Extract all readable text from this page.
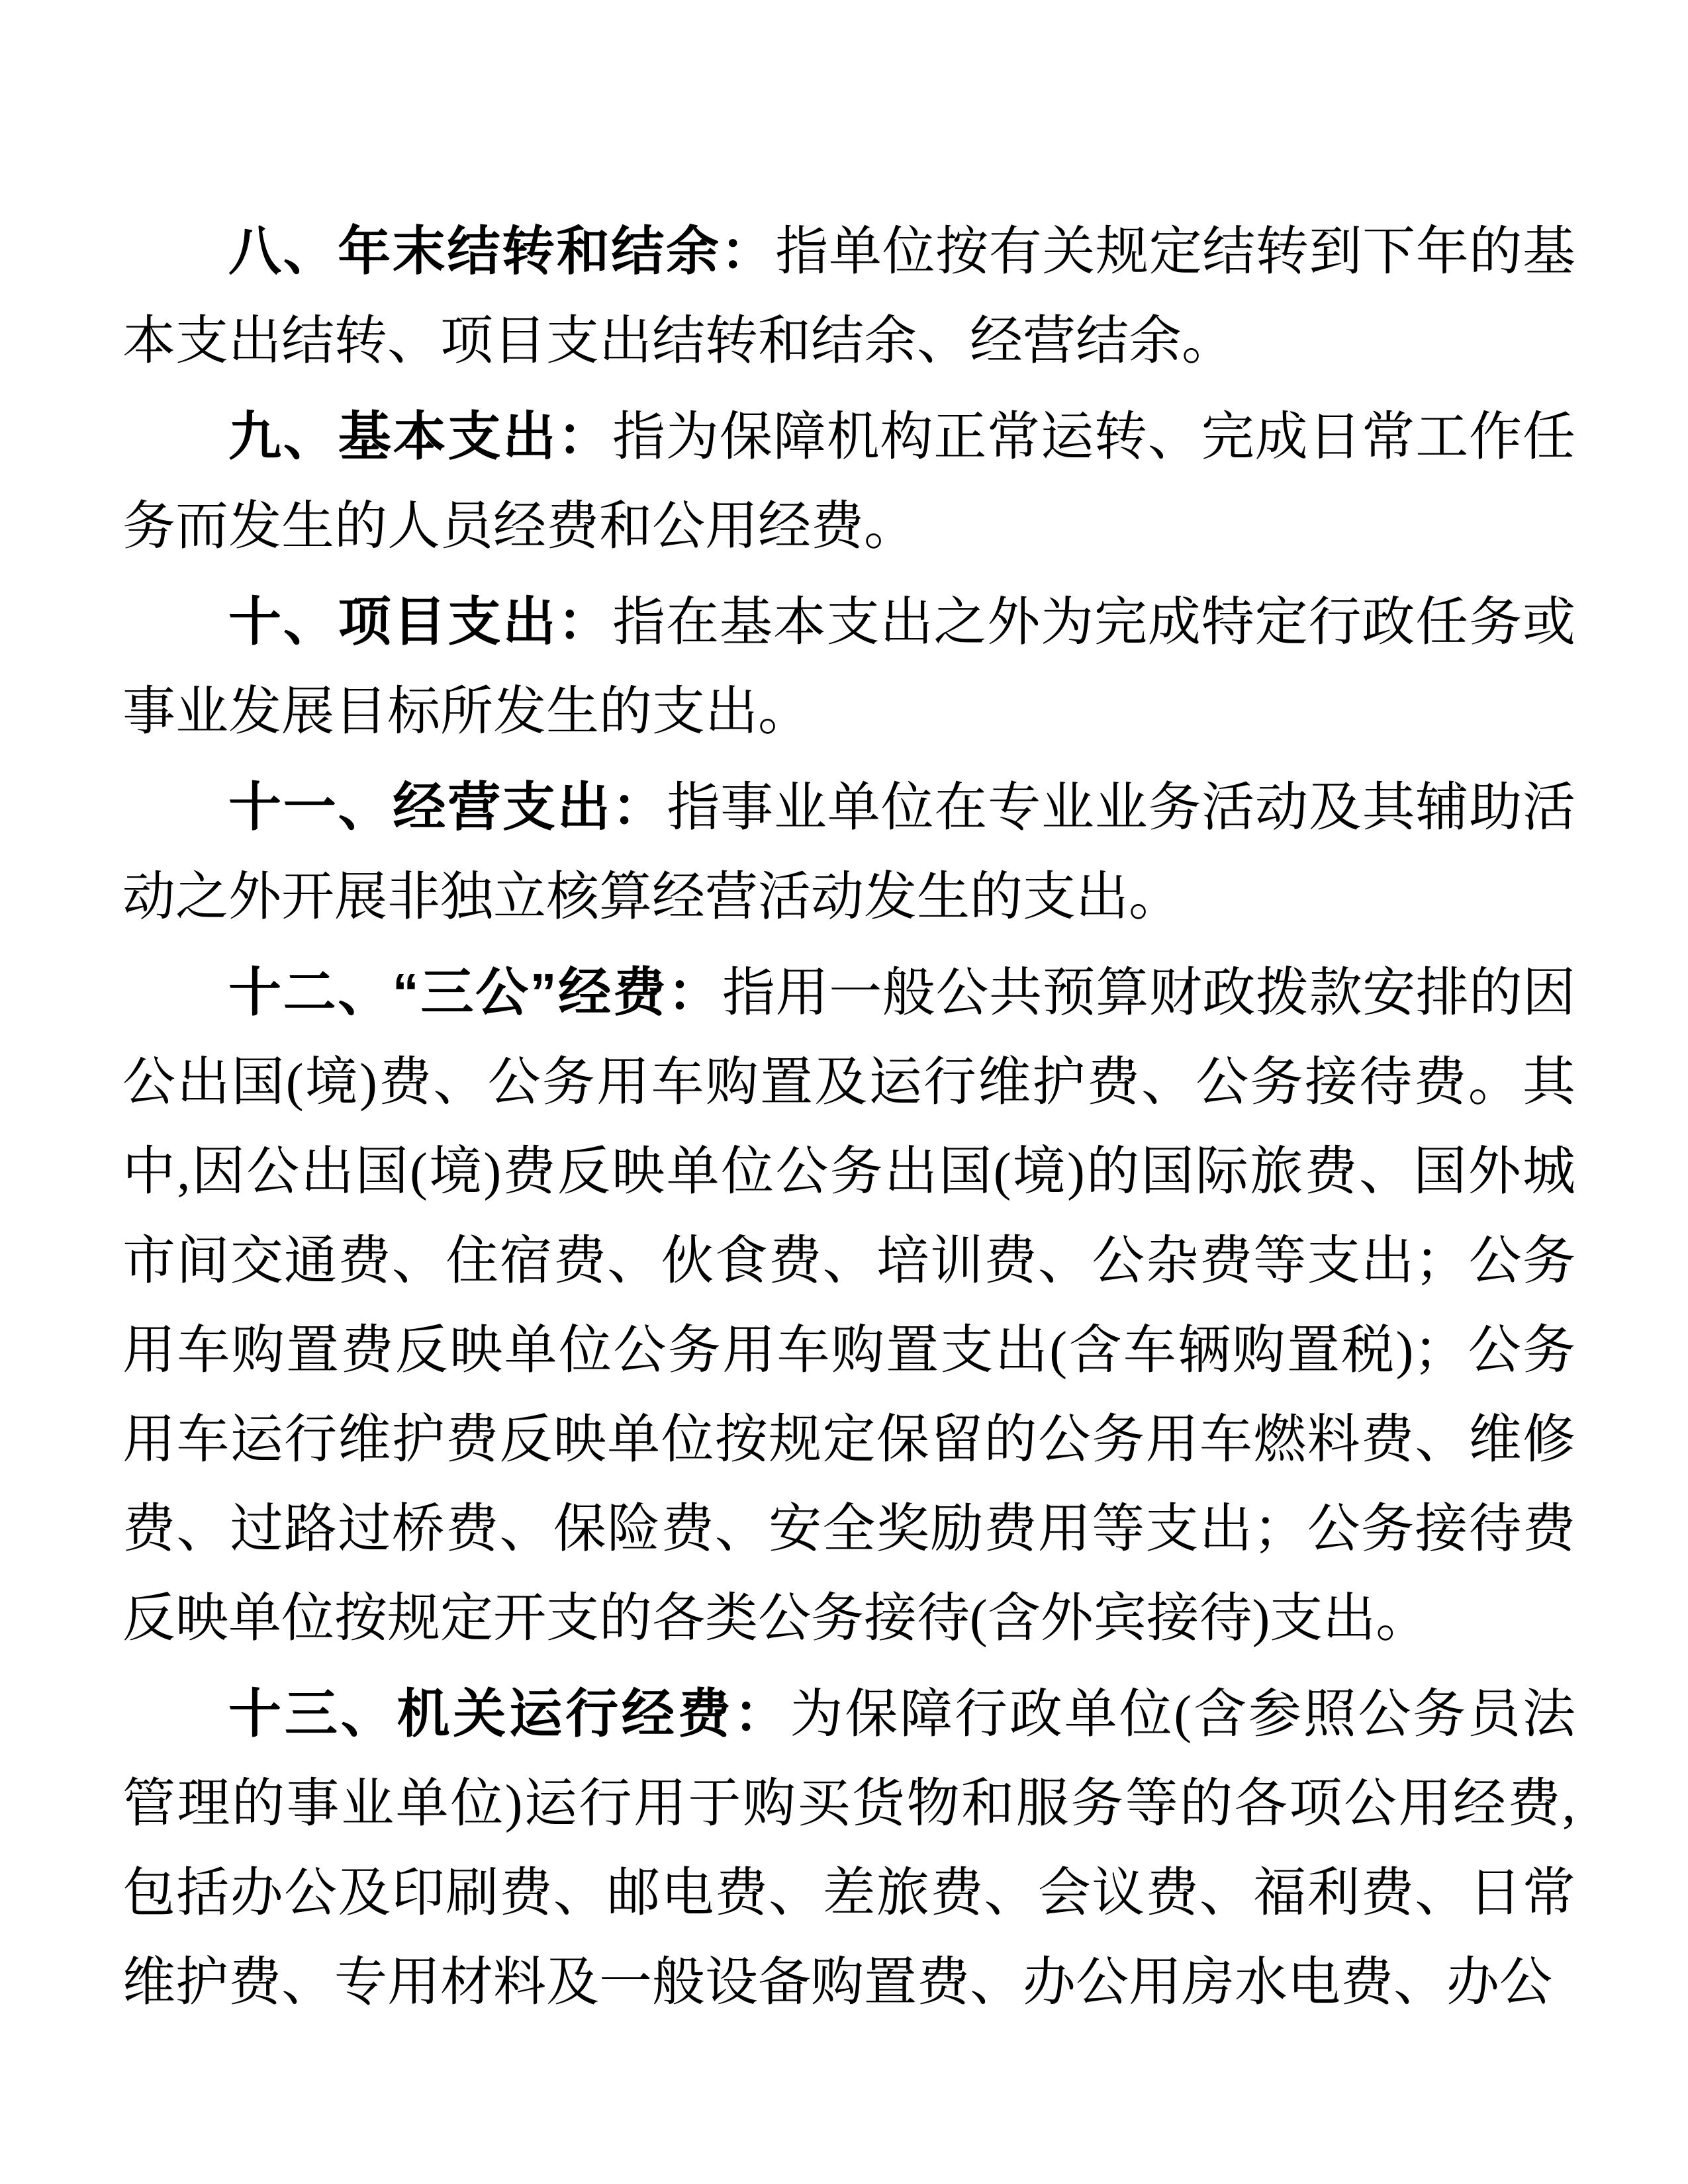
八、年末结转和结余：指单位按有关规定结转到下年的基本支出结转、项目支出结转和结余、经营结余。

九、基本支出：指为保障机构正常运转、完成日常工作任务而发生的人员经费和公用经费。

十、项目支出：指在基本支出之外为完成特定行政任务或事业发展目标所发生的支出。

十一、经营支出：指事业单位在专业业务活动及其辅助活动之外开展非独立核算经营活动发生的支出。

十二、“三公”经费：指用一般公共预算财政拨款安排的因公出国(境)费、公务用车购置及运行维护费、公务接待费。其中,因公出国(境)费反映单位公务出国(境)的国际旅费、国外城市间交通费、住宿费、伙食费、培训费、公杂费等支出；公务用车购置费反映单位公务用车购置支出(含车辆购置税)；公务用车运行维护费反映单位按规定保留的公务用车燃料费、维修费、过路过桥费、保险费、安全奖励费用等支出；公务接待费反映单位按规定开支的各类公务接待(含外宾接待)支出。

十三、机关运行经费：为保障行政单位(含参照公务员法管理的事业单位)运行用于购买货物和服务等的各项公用经费,包括办公及印刷费、邮电费、差旅费、会议费、福利费、日常维护费、专用材料及一般设备购置费、办公用房水电费、办公
